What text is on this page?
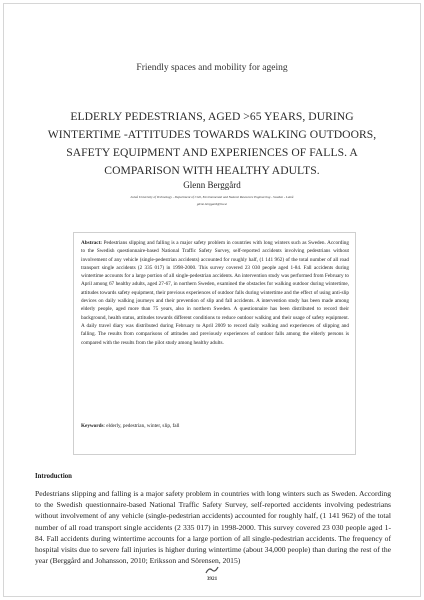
Friendly spaces and mobility for ageing
ELDERLY PEDESTRIANS, AGED >65 YEARS, DURING WINTERTIME -ATTITUDES TOWARDS WALKING OUTDOORS, SAFETY EQUIPMENT AND EXPERIENCES OF FALLS. A COMPARISON WITH HEALTHY ADULTS.
Glenn Berggård
Luleå University of Technology - Department of Civil, Environmental and Natural Resources Engineering - Sweden - Luleå
glenn.berggard@ltu.se

Abstract: Pedestrians slipping and falling is a major safety problem in countries with long winters such as Sweden. According to the Swedish questionnaire-based National Traffic Safety Survey, self-reported accidents involving pedestrians without involvement of any vehicle (single-pedestrian accidents) accounted for roughly half, (1 141 962) of the total number of all road transport single accidents (2 335 017) in 1998-2000. This survey covered 23 030 people aged 1-84. Fall accidents during wintertime accounts for a large portion of all single-pedestrian accidents. An intervention study was performed from February to April among 67 healthy adults, aged 27-67, in northern Sweden, examined the obstacles for walking outdoor during wintertime, attitudes towards safety equipment, their previous experiences of outdoor falls during wintertime and the effect of using anti-slip devices on daily walking journeys and their prevention of slip and fall accidents. A intervention study has been made among elderly people, aged more than 75 years, also in northern Sweden. A questionnaire has been distributed to record their background, health status, attitudes towards different conditions to reduce outdoor walking and their usage of safety equipment. A daily travel diary was distributed during February to April 2009 to record daily walking and experiences of slipping and falling. The results from comparisons of attitudes and previously experiences of outdoor falls among the elderly persons is compared with the results from the pilot study among healthy adults.

Keywords: elderly, pedestrian, winter, slip, fall

Introduction

Pedestrians slipping and falling is a major safety problem in countries with long winters such as Sweden. According to the Swedish questionnaire-based National Traffic Safety Survey, self-reported accidents involving pedestrians without involvement of any vehicle (single-pedestrian accidents) accounted for roughly half, (1 141 962) of the total number of all road transport single accidents (2 335 017) in 1998-2000. This survey covered 23 030 people aged 1-84. Fall accidents during wintertime accounts for a large portion of all single-pedestrian accidents. The frequency of hospital visits due to severe fall injuries is higher during wintertime (about 34,000 people) than during the rest of the year (Berggård and Johansson, 2010; Eriksson and Sörensen, 2015)

3921
